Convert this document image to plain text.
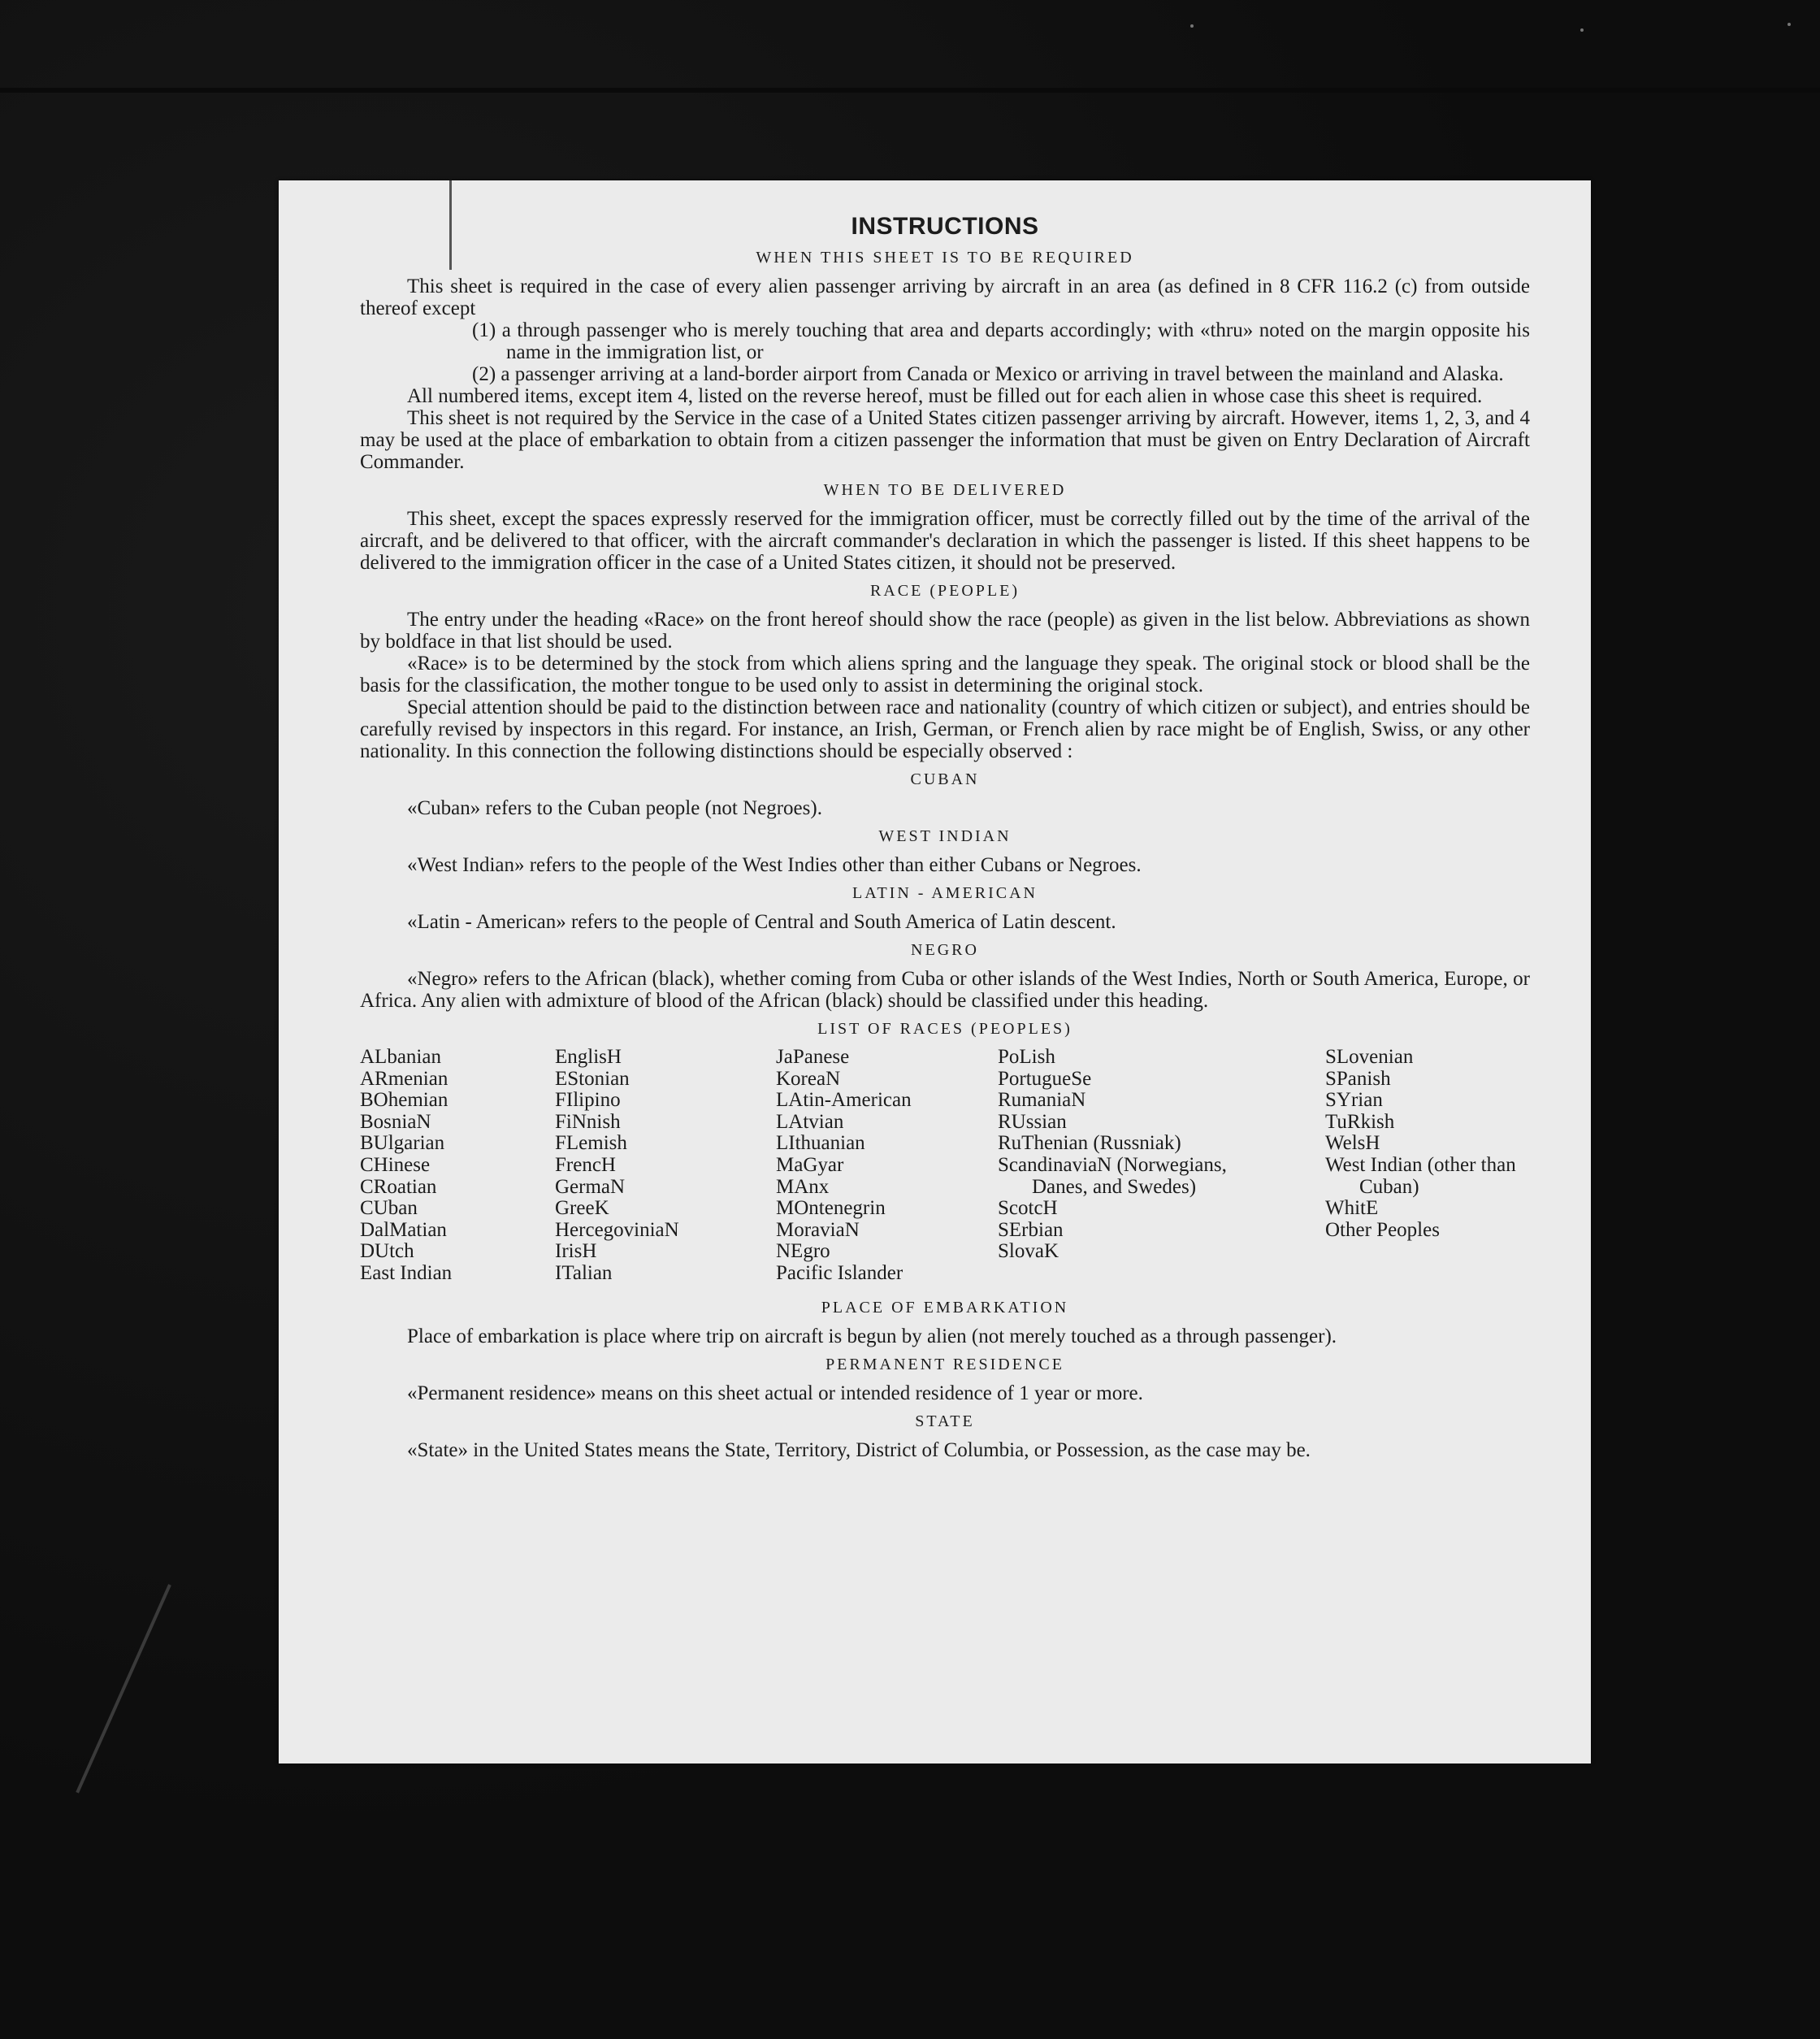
INSTRUCTIONS
WHEN THIS SHEET IS TO BE REQUIRED

This sheet is required in the case of every alien passenger arriving by aircraft in an area (as defined in 8 CFR 116.2 (c) from outside thereof except

(1) a through passenger who is merely touching that area and departs accordingly; with «thru» noted on the margin opposite his name in the immigration list, or
(2) a passenger arriving at a land-border airport from Canada or Mexico or arriving in travel between the mainland and Alaska.

All numbered items, except item 4, listed on the reverse hereof, must be filled out for each alien in whose case this sheet is required.

This sheet is not required by the Service in the case of a United States citizen passenger arriving by aircraft. However, items 1, 2, 3, and 4 may be used at the place of embarkation to obtain from a citizen passenger the information that must be given on Entry Declaration of Aircraft Commander.

WHEN TO BE DELIVERED

This sheet, except the spaces expressly reserved for the immigration officer, must be correctly filled out by the time of the arrival of the aircraft, and be delivered to that officer, with the aircraft commander's declaration in which the passenger is listed. If this sheet happens to be delivered to the immigration officer in the case of a United States citizen, it should not be preserved.

RACE (PEOPLE)

The entry under the heading «Race» on the front hereof should show the race (people) as given in the list below. Abbreviations as shown by boldface in that list should be used.

«Race» is to be determined by the stock from which aliens spring and the language they speak. The original stock or blood shall be the basis for the classification, the mother tongue to be used only to assist in determining the original stock.

Special attention should be paid to the distinction between race and nationality (country of which citizen or subject), and entries should be carefully revised by inspectors in this regard. For instance, an Irish, German, or French alien by race might be of English, Swiss, or any other nationality. In this connection the following distinctions should be especially observed :

CUBAN

«Cuban» refers to the Cuban people (not Negroes).

WEST INDIAN

«West Indian» refers to the people of the West Indies other than either Cubans or Negroes.

LATIN - AMERICAN

«Latin - American» refers to the people of Central and South America of Latin descent.

NEGRO

«Negro» refers to the African (black), whether coming from Cuba or other islands of the West Indies, North or South America, Europe, or Africa. Any alien with admixture of blood of the African (black) should be classified under this heading.

LIST OF RACES (PEOPLES)
ALbanian
ARmenian
BOhemian
BosniaN
BUlgarian
CHinese
CRoatian
CUban
DalMatian
DUtch
East Indian
EnglisH
EStonian
FIlipino
FiNnish
FLemish
FrencH
GermaN
GreeK
HercegoviniaN
IrisH
ITalian
JaPanese
KoreaN
LAtin-American
LAtvian
LIthuanian
MaGyar
MAnx
MOntenegrin
MoraviaN
NEgro
Pacific Islander
PoLish
PortugueSe
RumaniaN
RUssian
RuThenian (Russniak)
ScandinaviaN (Norwegians, Danes, and Swedes)
ScotcH
SErbian
SlovaK
SLovenian
SPanish
SYrian
TuRkish
WelsH
West Indian (other than Cuban)
WhitE
Other Peoples
PLACE OF EMBARKATION

Place of embarkation is place where trip on aircraft is begun by alien (not merely touched as a through passenger).

PERMANENT RESIDENCE

«Permanent residence» means on this sheet actual or intended residence of 1 year or more.

STATE

«State» in the United States means the State, Territory, District of Columbia, or Possession, as the case may be.
